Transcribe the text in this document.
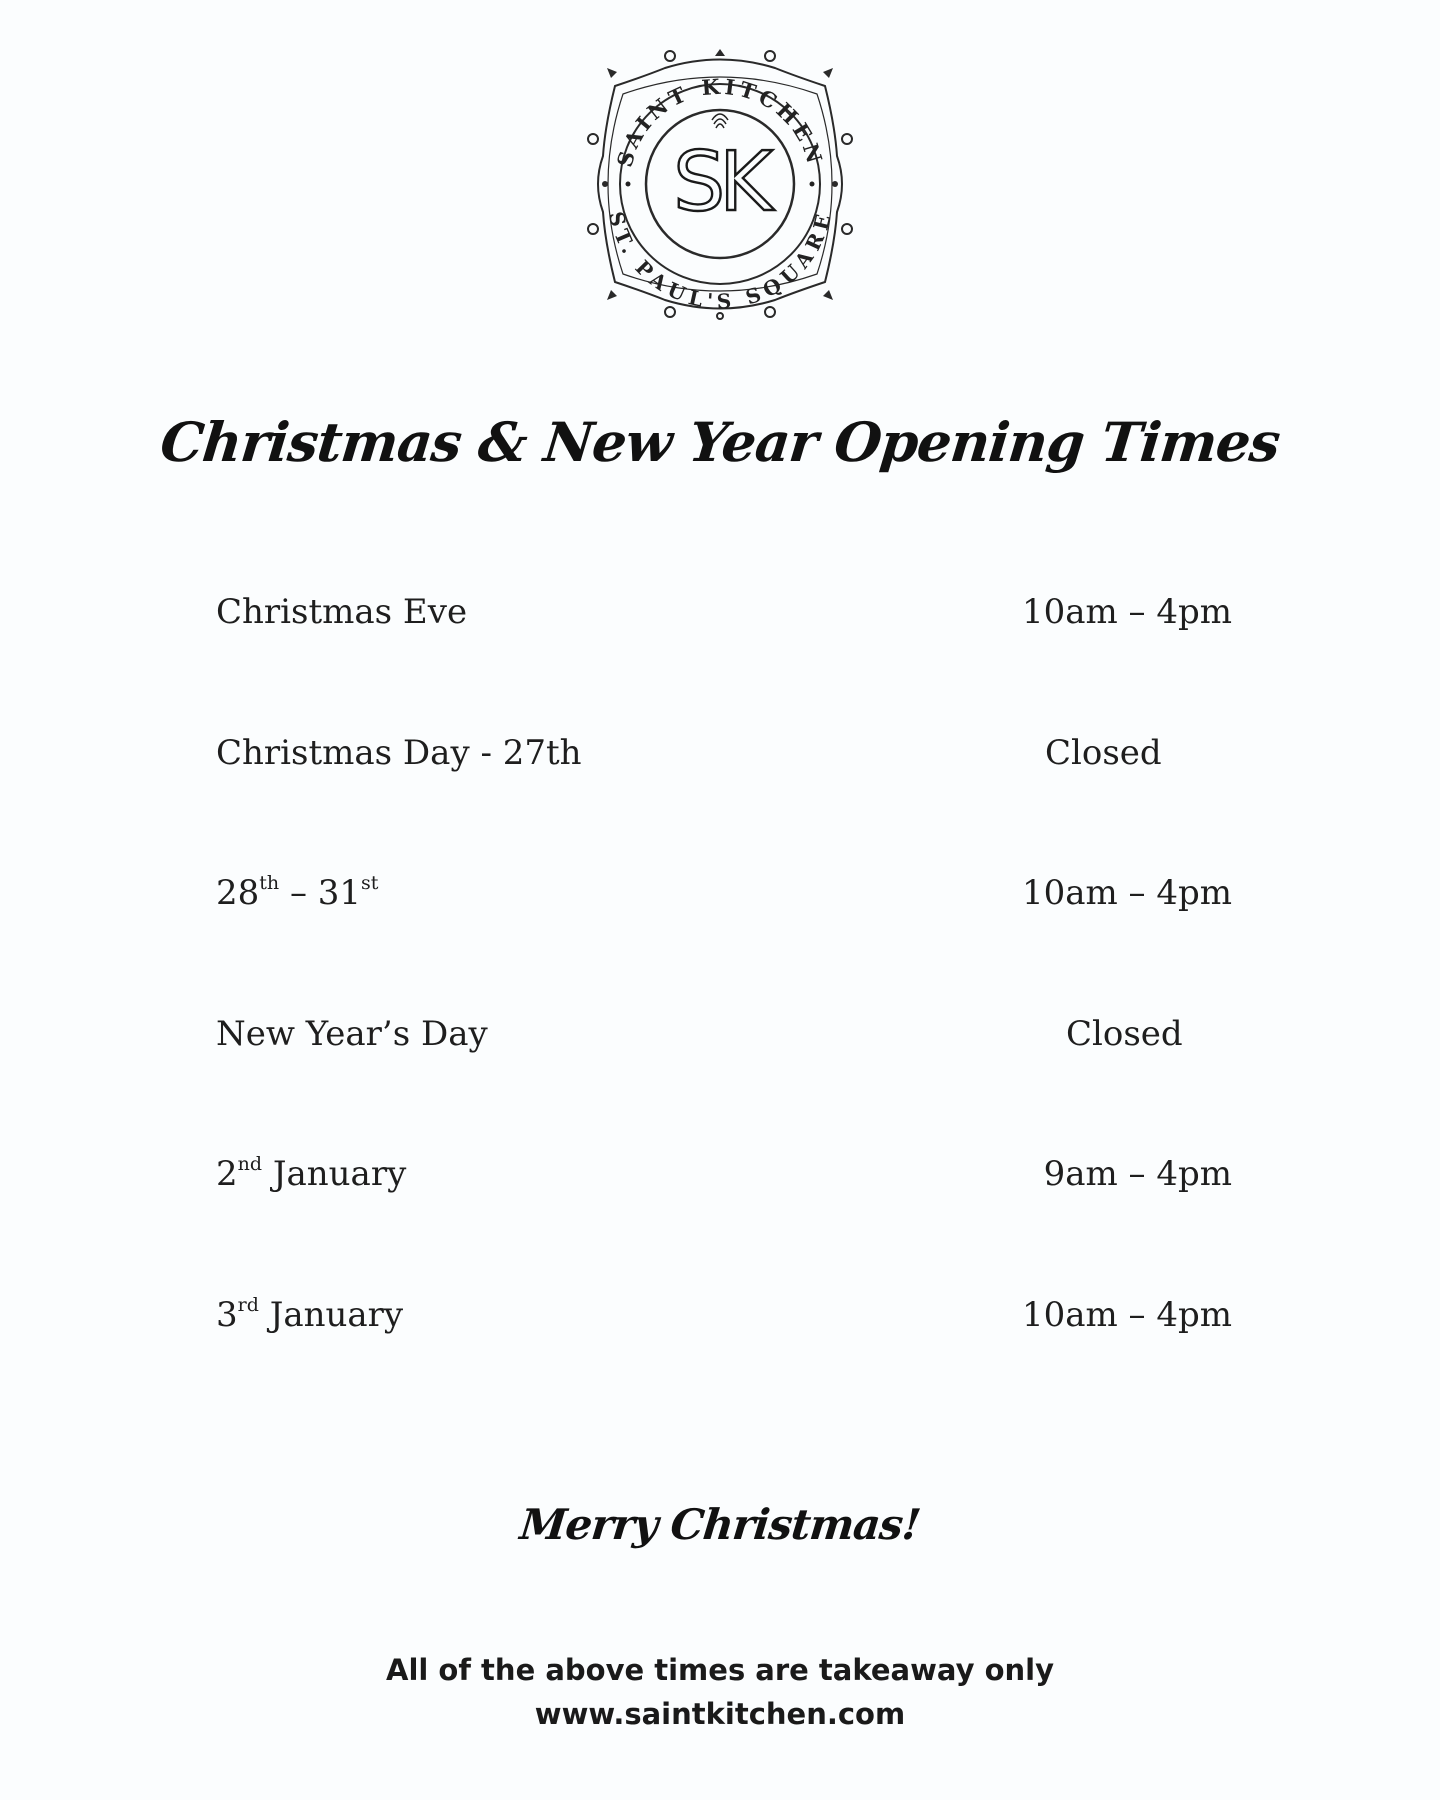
SAINT KITCHEN
ST. PAUL'S SQUARE
SK
Christmas & New Year Opening Times
Christmas Eve	10am – 4pm
Christmas Day - 27th	Closed
28th – 31st	10am – 4pm
New Year’s Day	Closed
2nd January	9am – 4pm
3rd January	10am – 4pm
Merry Christmas!
All of the above times are takeaway only
www.saintkitchen.com
